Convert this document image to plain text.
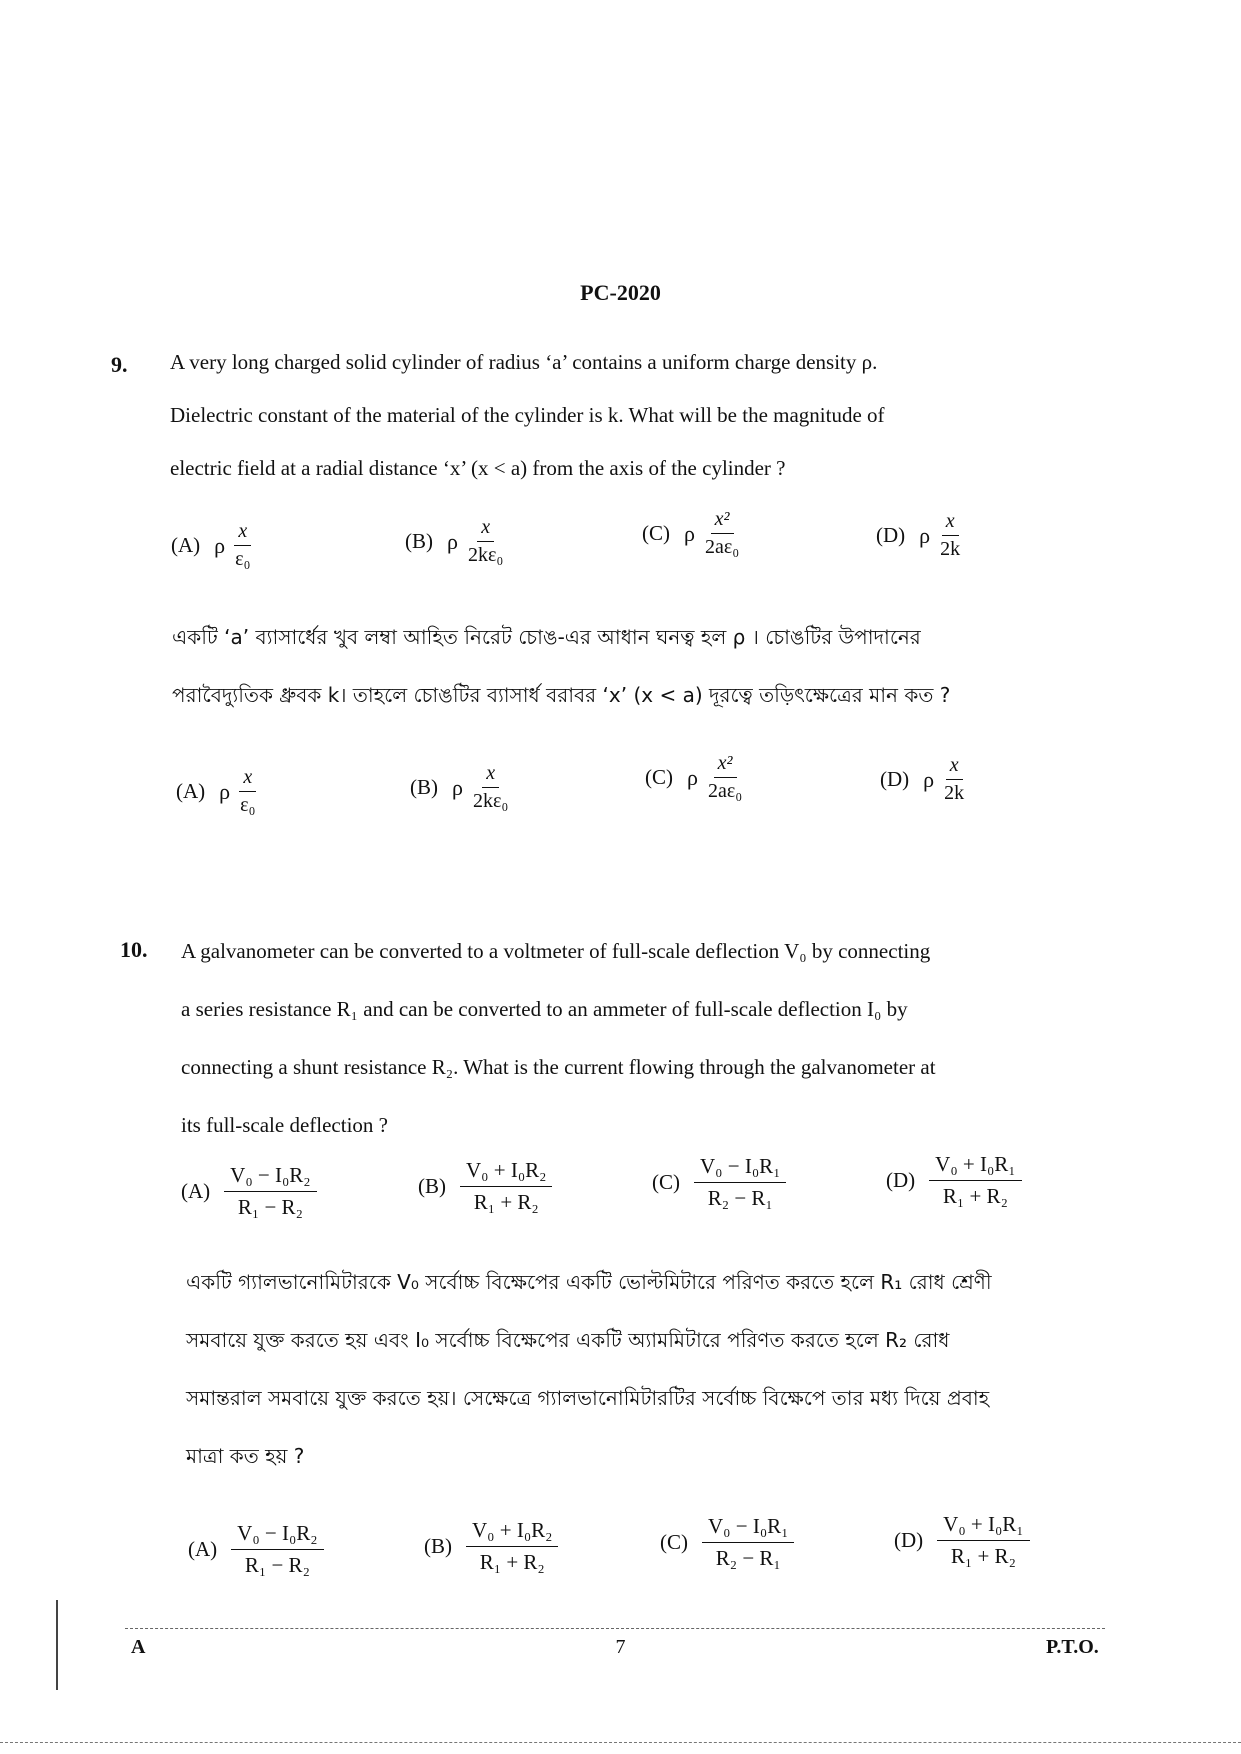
PC-2020
9. A very long charged solid cylinder of radius ‘a’ contains a uniform charge density ρ.
Dielectric constant of the material of the cylinder is k. What will be the magnitude of
electric field at a radial distance ‘x’ (x < a) from the axis of the cylinder ?
(A) ρ $\frac{x}{\text{ε₀}}$	(B) ρ $\frac{x}{\text{2kε₀}}$	(C) ρ $\frac{\text{x²}}{\text{2aε₀}}$	(D) ρ $\frac{x}{2k}$
একটি ‘a’ ব্যাসার্ধের খুব লম্বা আহিত নিরেট চোঙ-এর আধান ঘনত্ব হল ρ । চোঙটির উপাদানের
পরাবৈদ্যুতিক ধ্রুবক k। তাহলে চোঙটির ব্যাসার্ধ বরাবর ‘x’ (x < a) দূরত্বে তড়িৎক্ষেত্রের মান কত ?
(A) ρ $\frac{x}{\text{ε₀}}$	(B) ρ $\frac{x}{\text{2kε₀}}$	(C) ρ $\frac{\text{x²}}{\text{2aε₀}}$	(D) ρ $\frac{x}{2k}$
10. A galvanometer can be converted to a voltmeter of full-scale deflection V₀ by connecting
a series resistance R₁ and can be converted to an ammeter of full-scale deflection I₀ by
connecting a shunt resistance R₂. What is the current flowing through the galvanometer at
its full-scale deflection ?
$(A) \frac{\text{V₀ − I₀R₂}}{\text{R₁ − R₂}}$	$(B) \frac{\text{V₀ + I₀R₂}}{\text{R₁ + R₂}}$	$(C) \frac{\text{V₀ − I₀R₁}}{\text{R₂ − R₁}}$	$(D) \frac{\text{V₀ + I₀R₁}}{\text{R₁ + R₂}}$
একটি গ্যালভানোমিটারকে V₀ সর্বোচ্চ বিক্ষেপের একটি ভোল্টমিটারে পরিণত করতে হলে R₁ রোধ শ্রেণী
সমবায়ে যুক্ত করতে হয় এবং I₀ সর্বোচ্চ বিক্ষেপের একটি অ্যামমিটারে পরিণত করতে হলে R₂ রোধ
সমান্তরাল সমবায়ে যুক্ত করতে হয়। সেক্ষেত্রে গ্যালভানোমিটারটির সর্বোচ্চ বিক্ষেপে তার মধ্য দিয়ে প্রবাহ
মাত্রা কত হয় ?
$(A) \frac{\text{V₀ − I₀R₂}}{\text{R₁ − R₂}}$	$(B) \frac{\text{V₀ + I₀R₂}}{\text{R₁ + R₂}}$	$(C) \frac{\text{V₀ − I₀R₁}}{\text{R₂ − R₁}}$	$(D) \frac{\text{V₀ + I₀R₁}}{\text{R₁ + R₂}}$
A	7	P.T.O.
